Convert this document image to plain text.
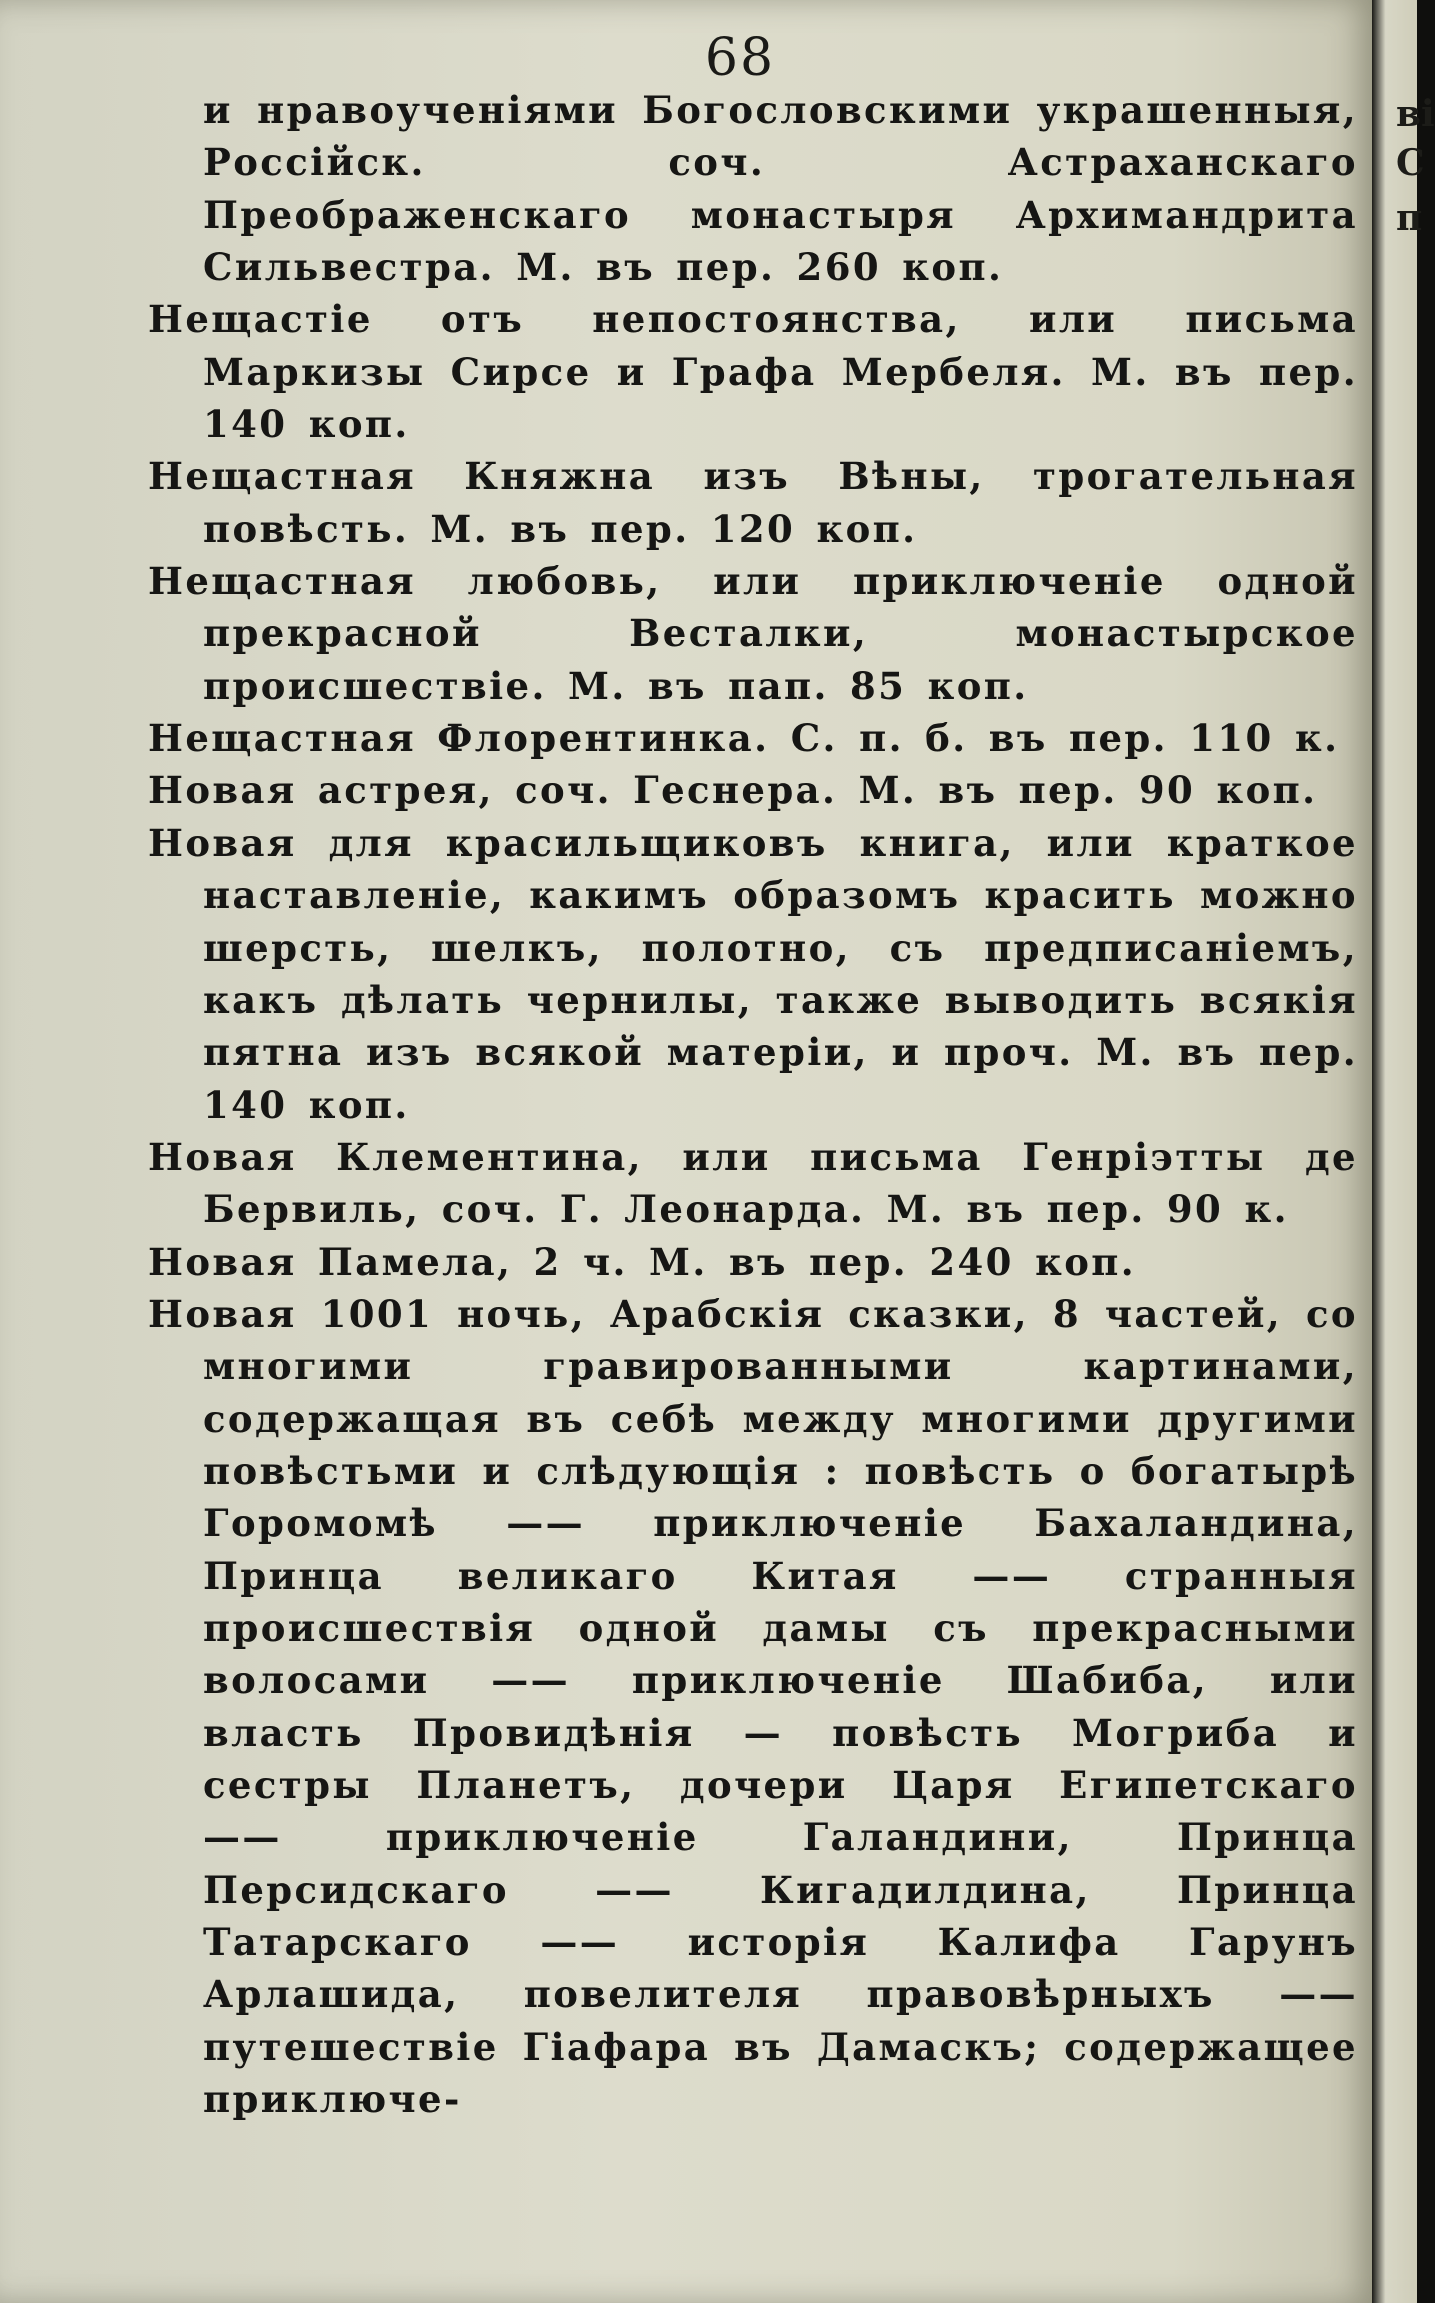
68
и нравоученіями Богословскими украшенныя, Россійск. соч. Астраханскаго Преображенскаго монастыря Архимандрита Сильвестра. М. въ пер. 260 коп.
Нещастіе отъ непостоянства, или письма Маркизы Сирсе и Графа Мербеля. М. въ пер. 140 коп.
Нещастная Княжна изъ Вѣны, трогательная повѣсть. М. въ пер. 120 коп.
Нещастная любовь, или приключеніе одной прекрасной Весталки, монастырское происшествіе. М. въ пап. 85 коп.
Нещастная Флорентинка. С. п. б. въ пер. 110 к.
Новая астрея, соч. Геснера. М. въ пер. 90 коп.
Новая для красильщиковъ книга, или краткое наставленіе, какимъ образомъ красить можно шерсть, шелкъ, полотно, съ предписаніемъ, какъ дѣлать чернилы, также выводить всякія пятна изъ всякой матеріи, и проч. М. въ пер. 140 коп.
Новая Клементина, или письма Генріэтты де Бервиль, соч. Г. Леонарда. М. въ пер. 90 к.
Новая Памела, 2 ч. М. въ пер. 240 коп.
Новая 1001 ночь, Арабскія сказки, 8 частей, со многими гравированными картинами, содержащая въ себѣ между многими другими повѣстьми и слѣдующія : повѣсть о богатырѣ Горомомѣ —— приключеніе Бахаландина, Принца великаго Китая —— странныя происшествія одной дамы съ прекрасными волосами —— приключеніе Шабиба, или власть Провидѣнія — повѣсть Могриба и сестры Планетъ, дочери Царя Египетскаго —— приключеніе Галандини, Принца Персидскаго —— Кигадилдина, Принца Татарскаго —— исторія Калифа Гарунъ Арлашида, повелителя правовѣрныхъ —— путешествіе Гіафара въ Дамаскъ; содержащее приключе-
ві
С
п
